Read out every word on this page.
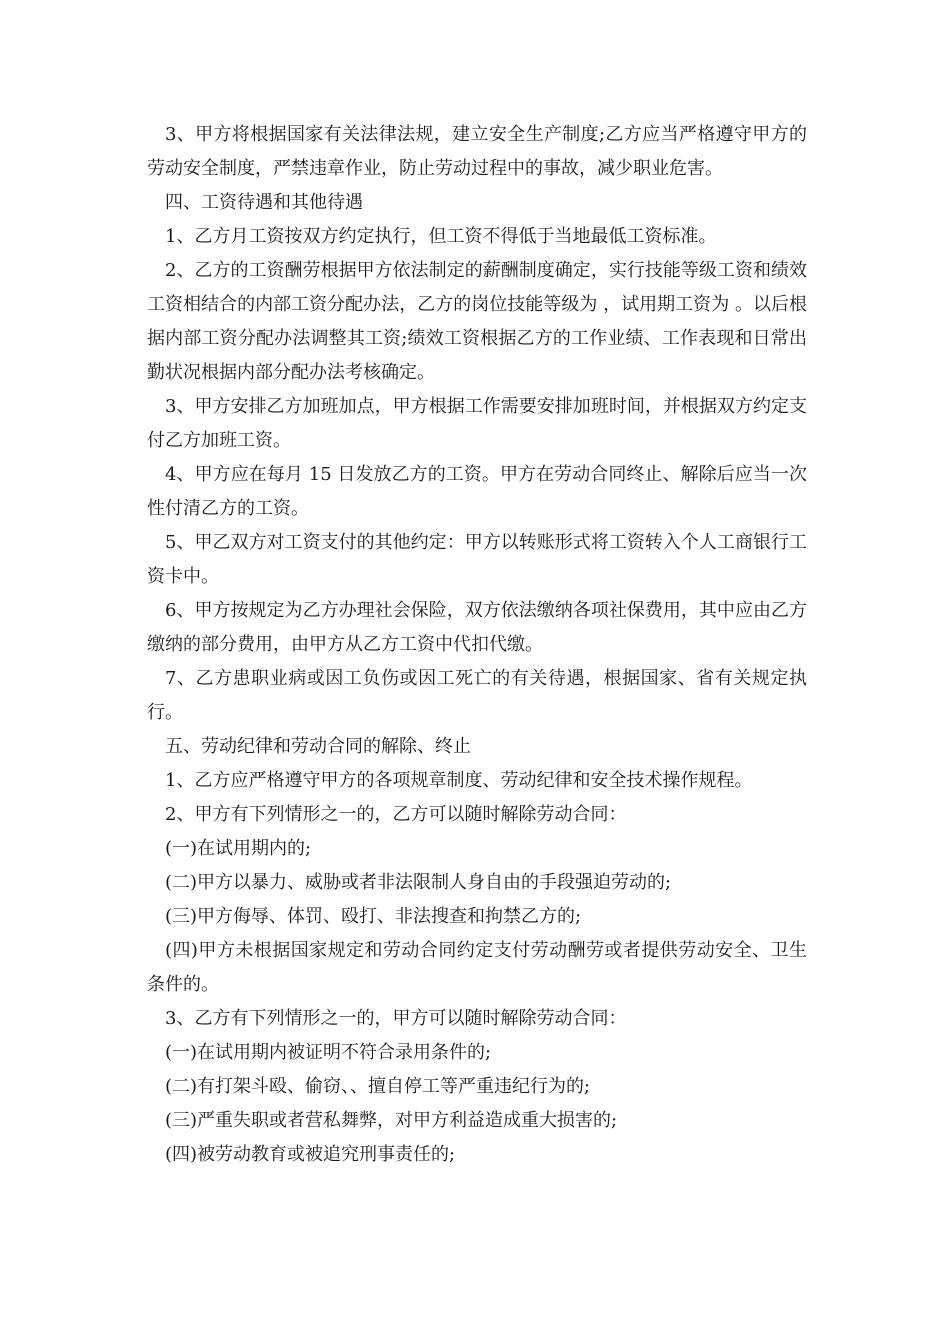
3、甲方将根据国家有关法律法规，建立安全生产制度;乙方应当严格遵守甲方的劳动安全制度，严禁违章作业，防止劳动过程中的事故，减少职业危害。

四、工资待遇和其他待遇

1、乙方月工资按双方约定执行，但工资不得低于当地最低工资标准。

2、乙方的工资酬劳根据甲方依法制定的薪酬制度确定，实行技能等级工资和绩效工资相结合的内部工资分配办法，乙方的岗位技能等级为 ，试用期工资为 。以后根据内部工资分配办法调整其工资;绩效工资根据乙方的工作业绩、工作表现和日常出勤状况根据内部分配办法考核确定。

3、甲方安排乙方加班加点，甲方根据工作需要安排加班时间，并根据双方约定支付乙方加班工资。

4、甲方应在每月 15 日发放乙方的工资。甲方在劳动合同终止、解除后应当一次性付清乙方的工资。

5、甲乙双方对工资支付的其他约定：甲方以转账形式将工资转入个人工商银行工资卡中。

6、甲方按规定为乙方办理社会保险，双方依法缴纳各项社保费用，其中应由乙方缴纳的部分费用，由甲方从乙方工资中代扣代缴。

7、乙方患职业病或因工负伤或因工死亡的有关待遇，根据国家、省有关规定执行。

五、劳动纪律和劳动合同的解除、终止

1、乙方应严格遵守甲方的各项规章制度、劳动纪律和安全技术操作规程。

2、甲方有下列情形之一的，乙方可以随时解除劳动合同：

(一)在试用期内的;

(二)甲方以暴力、威胁或者非法限制人身自由的手段强迫劳动的;

(三)甲方侮辱、体罚、殴打、非法搜查和拘禁乙方的;

(四)甲方未根据国家规定和劳动合同约定支付劳动酬劳或者提供劳动安全、卫生条件的。

3、乙方有下列情形之一的，甲方可以随时解除劳动合同：

(一)在试用期内被证明不符合录用条件的;

(二)有打架斗殴、偷窃、、擅自停工等严重违纪行为的;

(三)严重失职或者营私舞弊，对甲方利益造成重大损害的;

(四)被劳动教育或被追究刑事责任的;
